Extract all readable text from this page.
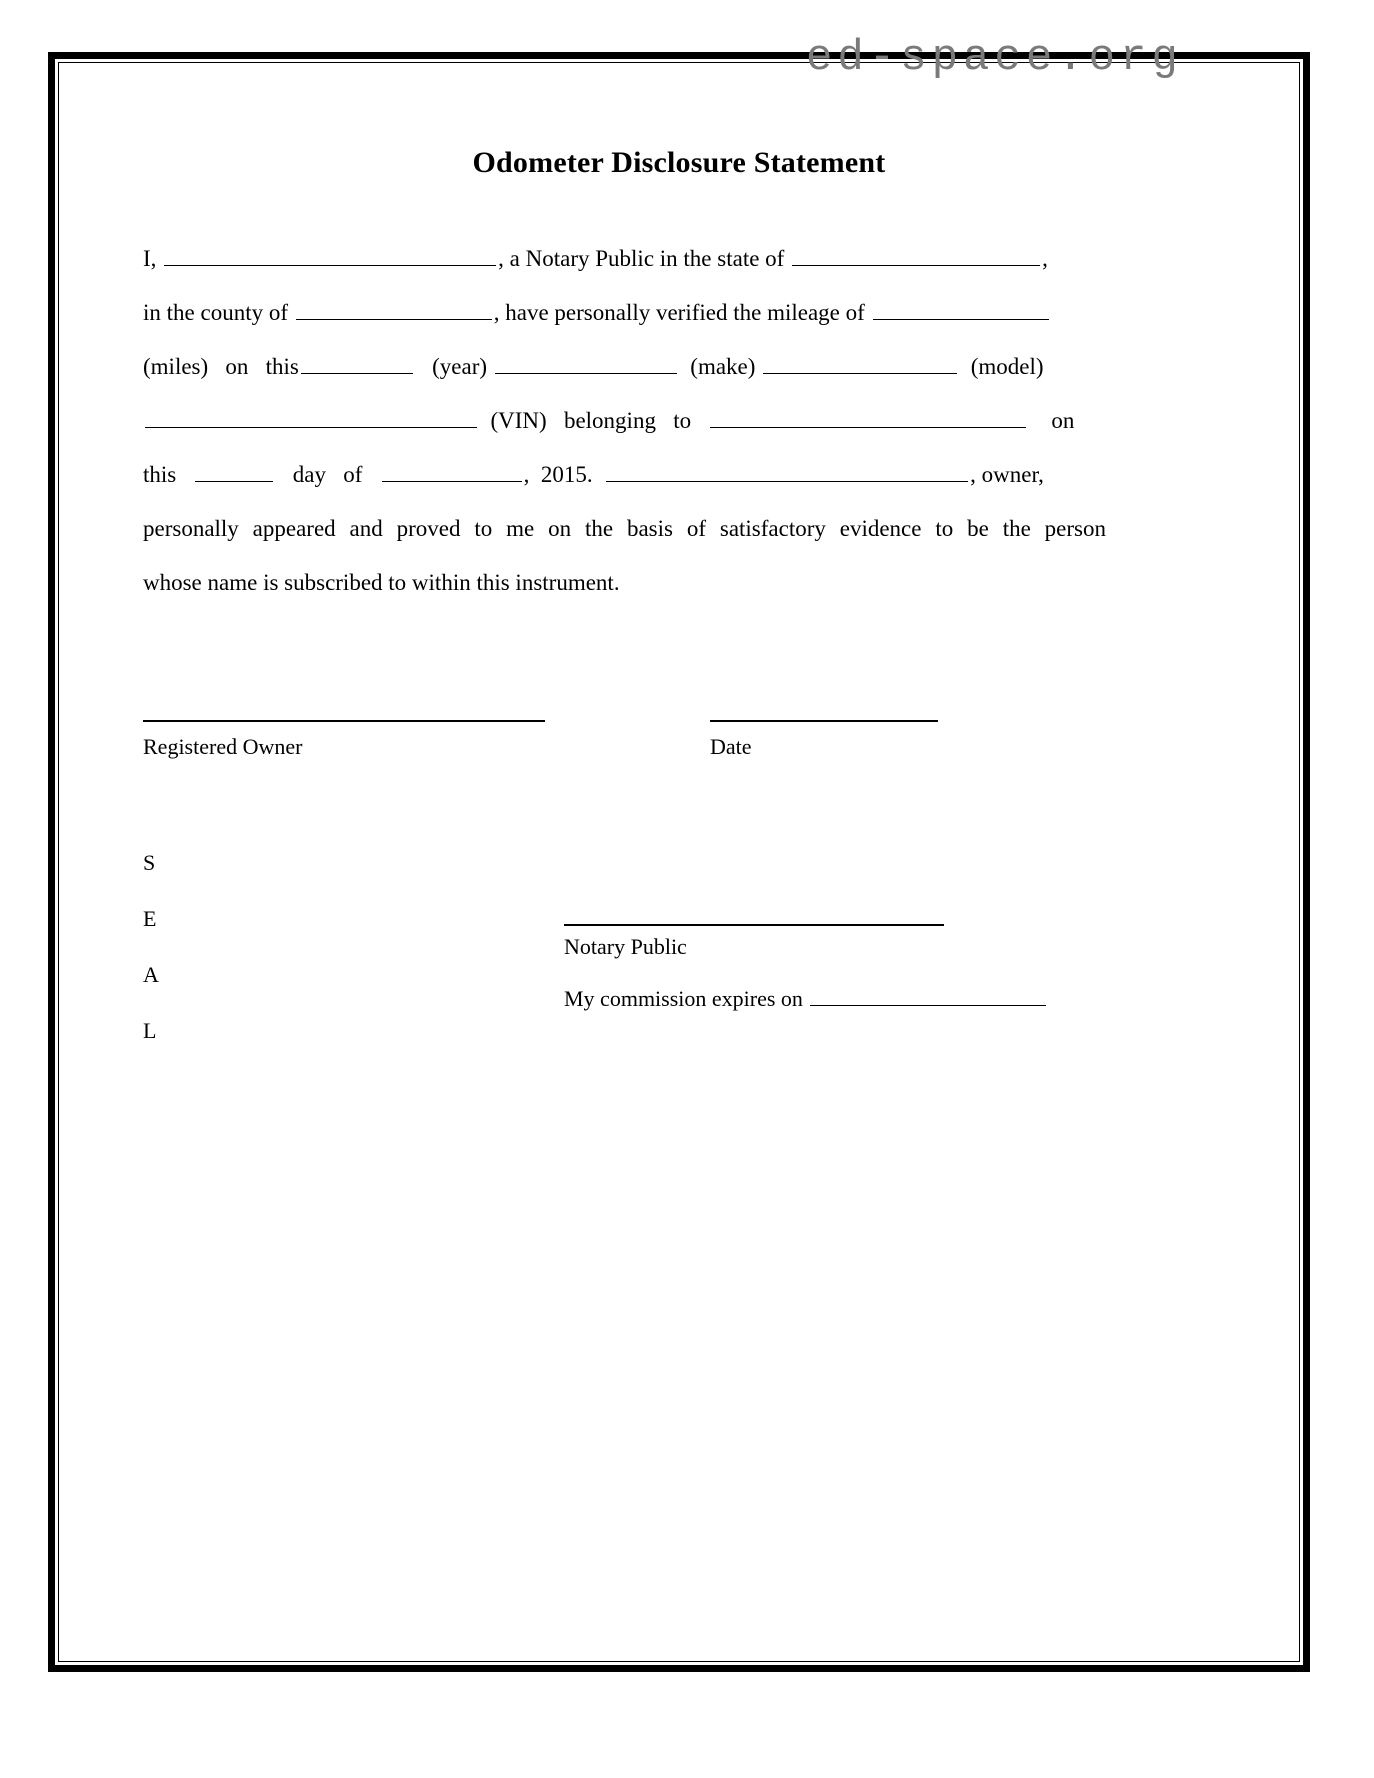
ed-space.org
Odometer Disclosure Statement
I,	, a Notary Public in the state of	,
in the county of	, have personally verified the mileage of
(miles) on this	(year)	(make)	(model)
(VIN) belonging to	on
this	day of	, 2015.	, owner,
personally appeared and proved to me on the basis of satisfactory evidence to be the person
whose name is subscribed to within this instrument.
Registered Owner	Date
S
E
A
L
Notary Public
My commission expires on
